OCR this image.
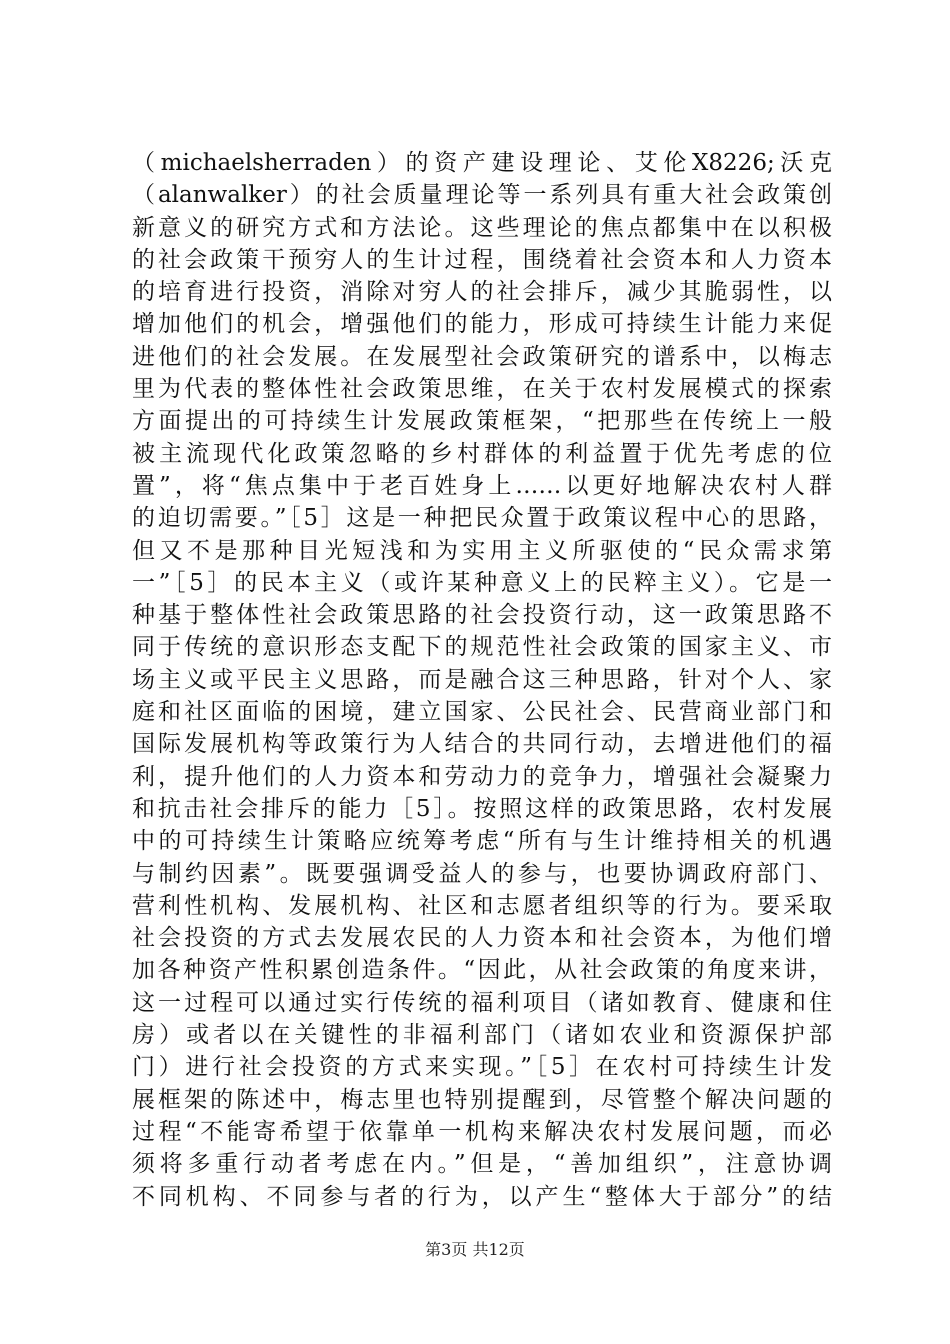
（michaelsherraden）的资产建设理论、艾伦X8226;沃克
（alanwalker）的社会质量理论等一系列具有重大社会政策创
新意义的研究方式和方法论。这些理论的焦点都集中在以积极
的社会政策干预穷人的生计过程，围绕着社会资本和人力资本
的培育进行投资，消除对穷人的社会排斥，减少其脆弱性，以
增加他们的机会，增强他们的能力，形成可持续生计能力来促
进他们的社会发展。在发展型社会政策研究的谱系中，以梅志
里为代表的整体性社会政策思维，在关于农村发展模式的探索
方面提出的可持续生计发展政策框架，“把那些在传统上一般
被主流现代化政策忽略的乡村群体的利益置于优先考虑的位
置”，将“焦点集中于老百姓身上……以更好地解决农村人群
的迫切需要。”［5］这是一种把民众置于政策议程中心的思路，
但又不是那种目光短浅和为实用主义所驱使的“民众需求第
一”［5］的民本主义（或许某种意义上的民粹主义）。它是一
种基于整体性社会政策思路的社会投资行动，这一政策思路不
同于传统的意识形态支配下的规范性社会政策的国家主义、市
场主义或平民主义思路，而是融合这三种思路，针对个人、家
庭和社区面临的困境，建立国家、公民社会、民营商业部门和
国际发展机构等政策行为人结合的共同行动，去增进他们的福
利，提升他们的人力资本和劳动力的竞争力，增强社会凝聚力
和抗击社会排斥的能力［5］。按照这样的政策思路，农村发展
中的可持续生计策略应统筹考虑“所有与生计维持相关的机遇
与制约因素”。既要强调受益人的参与，也要协调政府部门、
营利性机构、发展机构、社区和志愿者组织等的行为。要采取
社会投资的方式去发展农民的人力资本和社会资本，为他们增
加各种资产性积累创造条件。“因此，从社会政策的角度来讲，
这一过程可以通过实行传统的福利项目（诸如教育、健康和住
房）或者以在关键性的非福利部门（诸如农业和资源保护部
门）进行社会投资的方式来实现。”［5］在农村可持续生计发
展框架的陈述中，梅志里也特别提醒到，尽管整个解决问题的
过程“不能寄希望于依靠单一机构来解决农村发展问题，而必
须将多重行动者考虑在内。”但是，“善加组织”，注意协调
不同机构、不同参与者的行为，以产生“整体大于部分”的结
第3页 共12页
